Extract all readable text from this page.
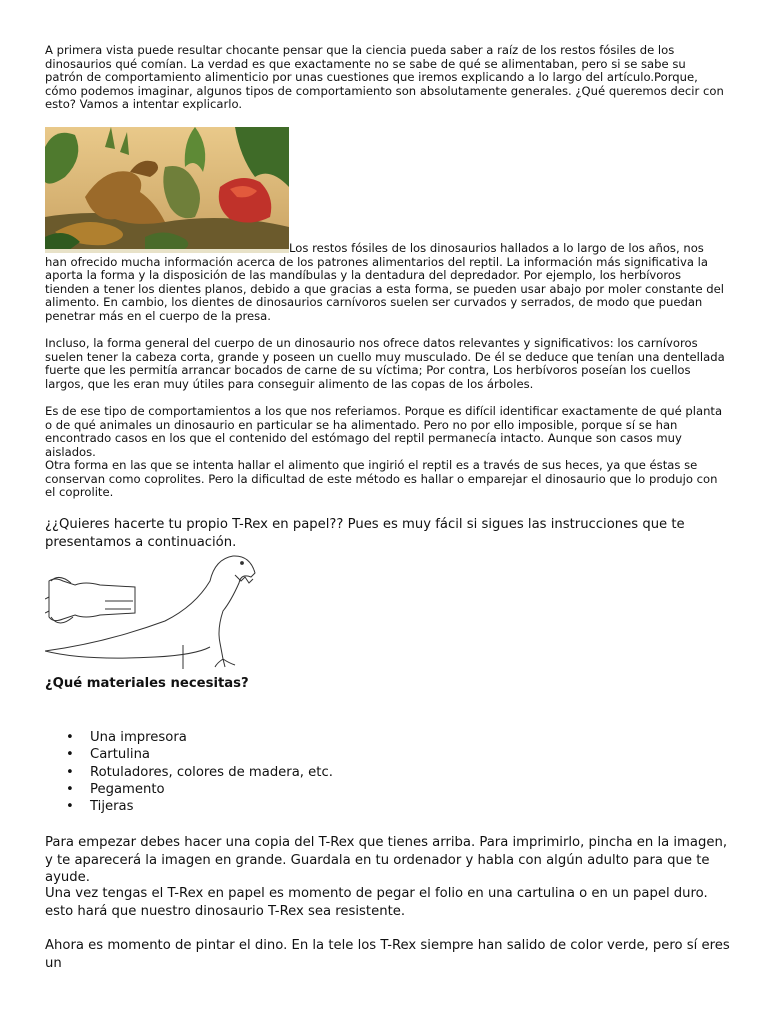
A primera vista puede resultar chocante pensar que la ciencia pueda saber a raíz de los restos fósiles de los dinosaurios qué comían. La verdad es que exactamente no se sabe de qué se alimentaban, pero si se sabe su patrón de comportamiento alimenticio por unas cuestiones que iremos explicando a lo largo del artículo.Porque, cómo podemos imaginar, algunos tipos de comportamiento son absolutamente generales. ¿Qué queremos decir con esto? Vamos a intentar explicarlo.

Los restos fósiles de los dinosaurios hallados a lo largo de los años, nos han ofrecido mucha información acerca de los patrones alimentarios del reptil. La información más significativa la aporta la forma y la disposición de las mandíbulas y la dentadura del depredador. Por ejemplo, los herbívoros tienden a tener los dientes planos, debido a que gracias a esta forma, se pueden usar abajo por moler constante del alimento. En cambio, los dientes de dinosaurios carnívoros suelen ser curvados y serrados, de modo que puedan penetrar más en el cuerpo de la presa.

Incluso, la forma general del cuerpo de un dinosaurio nos ofrece datos relevantes y significativos: los carnívoros suelen tener la cabeza corta, grande y poseen un cuello muy musculado. De él se deduce que tenían una dentellada fuerte que les permitía arrancar bocados de carne de su víctima; Por contra, Los herbívoros poseían los cuellos largos, que les eran muy útiles para conseguir alimento de las copas de los árboles.

Es de ese tipo de comportamientos a los que nos referiamos. Porque es difícil identificar exactamente de qué planta o de qué animales un dinosaurio en particular se ha alimentado. Pero no por ello imposible, porque sí se han encontrado casos en los que el contenido del estómago del reptil permanecía intacto. Aunque son casos muy aislados.

Otra forma en las que se intenta hallar el alimento que ingirió el reptil es a través de sus heces, ya que éstas se conservan como coprolites. Pero la dificultad de este método es hallar o emparejar el dinosaurio que lo produjo con el coprolite.

¿¿Quieres hacerte tu propio T-Rex en papel?? Pues es muy fácil si sigues las instrucciones que te presentamos a continuación.

¿Qué materiales necesitas?

• Una impresora
• Cartulina
• Rotuladores, colores de madera, etc.
• Pegamento
• Tijeras

Para empezar debes hacer una copia del T-Rex que tienes arriba. Para imprimirlo, pincha en la imagen, y te aparecerá la imagen en grande. Guardala en tu ordenador y habla con algún adulto para que te ayude.

Una vez tengas el T-Rex en papel es momento de pegar el folio en una cartulina o en un papel duro. esto hará que nuestro dinosaurio T-Rex sea resistente.

Ahora es momento de pintar el dino. En la tele los T-Rex siempre han salido de color verde, pero sí eres un
